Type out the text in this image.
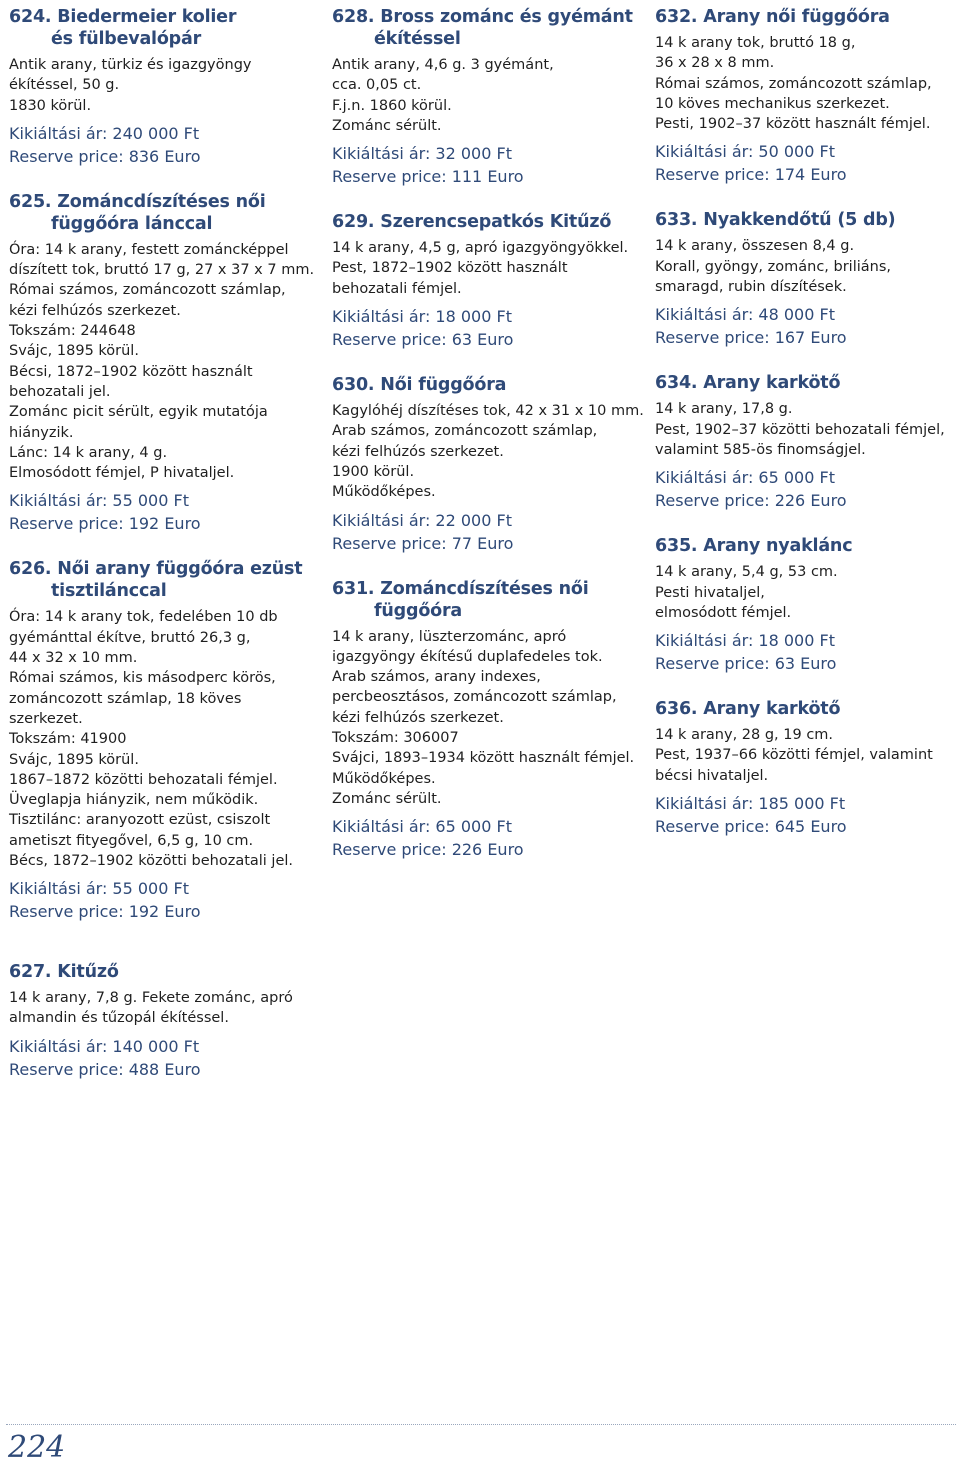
624. Biedermeier kolier
és fülbevalópár
Antik arany, türkiz és igazgyöngy
ékítéssel, 50 g.
1830 körül.
Kikiáltási ár: 240 000 Ft
Reserve price: 836 Euro
625. Zománcdíszítéses női
függőóra lánccal
Óra: 14 k arany, festett zománcképpel
díszített tok, bruttó 17 g, 27 x 37 x 7 mm.
Római számos, zománcozott számlap,
kézi felhúzós szerkezet.
Tokszám: 244648
Svájc, 1895 körül.
Bécsi, 1872–1902 között használt
behozatali jel.
Zománc picit sérült, egyik mutatója
hiányzik.
Lánc: 14 k arany, 4 g.
Elmosódott fémjel, P hivataljel.
Kikiáltási ár: 55 000 Ft
Reserve price: 192 Euro
626. Női arany függőóra ezüst
tisztilánccal
Óra: 14 k arany tok, fedelében 10 db
gyémánttal ékítve, bruttó 26,3 g,
44 x 32 x 10 mm.
Római számos, kis másodperc körös,
zománcozott számlap, 18 köves
szerkezet.
Tokszám: 41900
Svájc, 1895 körül.
1867–1872 közötti behozatali fémjel.
Üveglapja hiányzik, nem működik.
Tisztilánc: aranyozott ezüst, csiszolt
ametiszt fityegővel, 6,5 g, 10 cm.
Bécs, 1872–1902 közötti behozatali jel.
Kikiáltási ár: 55 000 Ft
Reserve price: 192 Euro
628. Bross zománc és gyémánt
ékítéssel
Antik arany, 4,6 g. 3 gyémánt,
cca. 0,05 ct.
F.j.n. 1860 körül.
Zománc sérült.
Kikiáltási ár: 32 000 Ft
Reserve price: 111 Euro
629. Szerencsepatkós Kitűző
14 k arany, 4,5 g, apró igazgyöngyökkel.
Pest, 1872–1902 között használt
behozatali fémjel.
Kikiáltási ár: 18 000 Ft
Reserve price: 63 Euro
630. Női függőóra
Kagylóhéj díszítéses tok, 42 x 31 x 10 mm.
Arab számos, zománcozott számlap,
kézi felhúzós szerkezet.
1900 körül.
Működőképes.
Kikiáltási ár: 22 000 Ft
Reserve price: 77 Euro
631. Zománcdíszítéses női
függőóra
14 k arany, lüszterzománc, apró
igazgyöngy ékítésű duplafedeles tok.
Arab számos, arany indexes,
percbeosztásos, zománcozott számlap,
kézi felhúzós szerkezet.
Tokszám: 306007
Svájci, 1893–1934 között használt fémjel.
Működőképes.
Zománc sérült.
Kikiáltási ár: 65 000 Ft
Reserve price: 226 Euro
632. Arany női függőóra
14 k arany tok, bruttó 18 g,
36 x 28 x 8 mm.
Római számos, zománcozott számlap,
10 köves mechanikus szerkezet.
Pesti, 1902–37 között használt fémjel.
Kikiáltási ár: 50 000 Ft
Reserve price: 174 Euro
633. Nyakkendőtű (5 db)
14 k arany, összesen 8,4 g.
Korall, gyöngy, zománc, briliáns,
smaragd, rubin díszítések.
Kikiáltási ár: 48 000 Ft
Reserve price: 167 Euro
634. Arany karkötő
14 k arany, 17,8 g.
Pest, 1902–37 közötti behozatali fémjel,
valamint 585-ös finomságjel.
Kikiáltási ár: 65 000 Ft
Reserve price: 226 Euro
635. Arany nyaklánc
14 k arany, 5,4 g, 53 cm.
Pesti hivataljel,
elmosódott fémjel.
Kikiáltási ár: 18 000 Ft
Reserve price: 63 Euro
636. Arany karkötő
14 k arany, 28 g, 19 cm.
Pest, 1937–66 közötti fémjel, valamint
bécsi hivataljel.
Kikiáltási ár: 185 000 Ft
Reserve price: 645 Euro
627. Kitűző
14 k arany, 7,8 g. Fekete zománc, apró
almandin és tűzopál ékítéssel.
Kikiáltási ár: 140 000 Ft
Reserve price: 488 Euro
224
